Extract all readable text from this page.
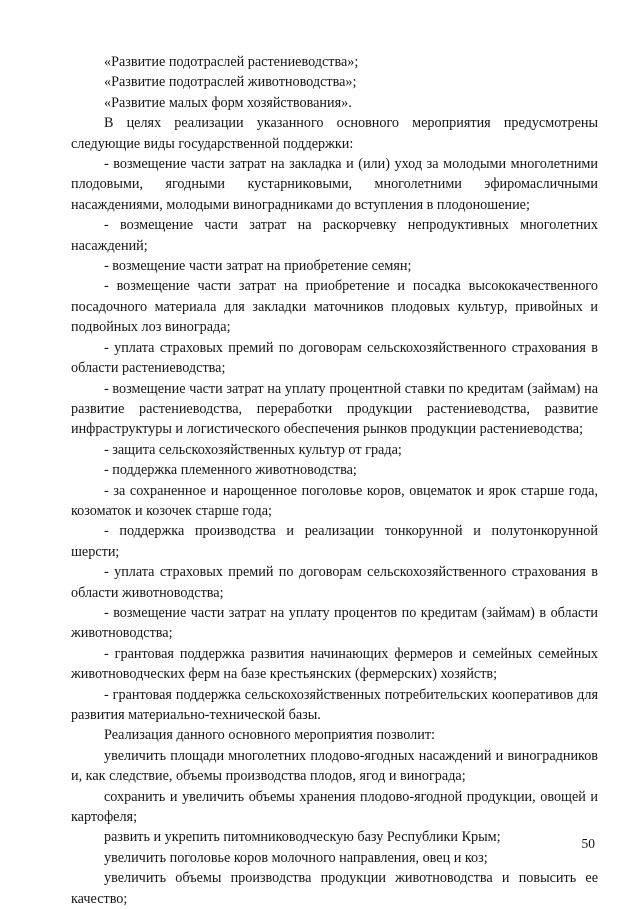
«Развитие подотраслей растениеводства»;

«Развитие подотраслей животноводства»;

«Развитие малых форм хозяйствования».

В целях реализации указанного основного мероприятия предусмотрены следующие виды государственной поддержки:

- возмещение части затрат на закладка и (или) уход за молодыми многолетними плодовыми, ягодными кустарниковыми, многолетними эфиромасличными насаждениями, молодыми виноградниками до вступления в плодоношение;

- возмещение части затрат на раскорчевку непродуктивных многолетних насаждений;

- возмещение части затрат на приобретение семян;

- возмещение части затрат на приобретение и посадка высококачественного посадочного материала для закладки маточников плодовых культур, привойных и подвойных лоз винограда;

- уплата страховых премий по договорам сельскохозяйственного страхования в области растениеводства;

- возмещение части затрат на уплату процентной ставки по кредитам (займам) на развитие растениеводства, переработки продукции растениеводства, развитие инфраструктуры и логистического обеспечения рынков продукции растениеводства;

- защита сельскохозяйственных культур от града;

- поддержка племенного животноводства;

- за сохраненное и нарощенное поголовье коров, овцематок и ярок старше года, козоматок и козочек старше года;

- поддержка производства и реализации тонкорунной и полутонкорунной шерсти;

- уплата страховых премий по договорам сельскохозяйственного страхования в области животноводства;

- возмещение части затрат на уплату процентов по кредитам (займам) в области животноводства;

- грантовая поддержка развития начинающих фермеров и семейных семейных животноводческих ферм на базе крестьянских (фермерских) хозяйств;

- грантовая поддержка сельскохозяйственных потребительских кооперативов для развития материально-технической базы.

Реализация данного основного мероприятия позволит:

увеличить площади многолетних плодово-ягодных насаждений и виноградников и, как следствие, объемы производства плодов, ягод и винограда;

сохранить и увеличить объемы хранения плодово-ягодной продукции, овощей и картофеля;

развить и укрепить питомниководческую базу Республики Крым;

увеличить поголовье коров молочного направления, овец и коз;

увеличить объемы производства продукции животноводства и повысить ее качество;

50
